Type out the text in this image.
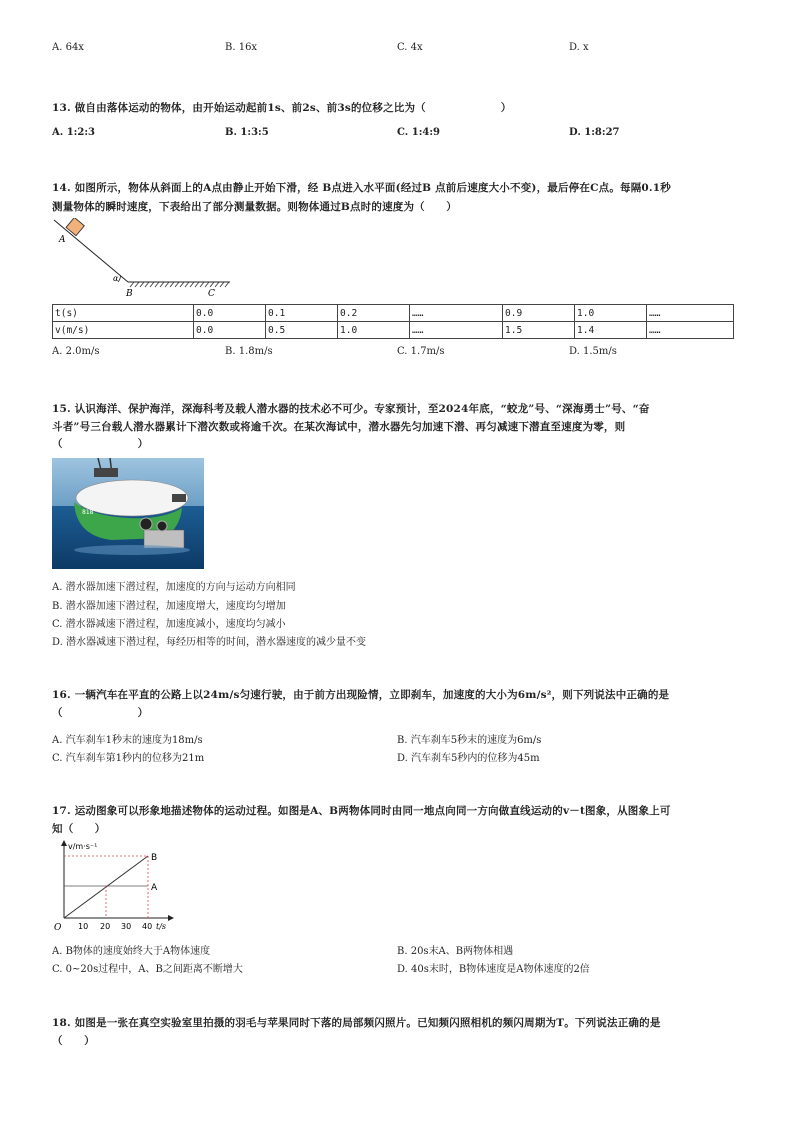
A. 64x	B. 16x	C. 4x	D. x
13. 做自由落体运动的物体，由开始运动起前1s、前2s、前3s的位移之比为（　　　　　　　）
A. 1:2:3	B. 1:3:5	C. 1:4:9	D. 1:8:27
14. 如图所示，物体从斜面上的A点由静止开始下滑，经 B点进入水平面(经过B 点前后速度大小不变)，最后停在C点。每隔0.1秒
测量物体的瞬时速度，下表给出了部分测量数据。则物体通过B点时的速度为（　　）
A
α
B	C
t(s)	0.0	0.1	0.2	……	0.9	1.0	……
v(m/s)	0.0	0.5	1.0	……	1.5	1.4	……
A. 2.0m/s	B. 1.8m/s	C. 1.7m/s	D. 1.5m/s
15. 认识海洋、保护海洋，深海科考及载人潜水器的技术必不可少。专家预计，至2024年底，“蛟龙”号、“深海勇士”号、“奋
斗者”号三台载人潜水器累计下潜次数或将逾千次。在某次海试中，潜水器先匀加速下潜、再匀减速下潜直至速度为零，则
（　　　　　　　）
818
A. 潜水器加速下潜过程，加速度的方向与运动方向相同
B. 潜水器加速下潜过程，加速度增大，速度均匀增加
C. 潜水器减速下潜过程，加速度减小，速度均匀减小
D. 潜水器减速下潜过程，每经历相等的时间，潜水器速度的减少量不变
16. 一辆汽车在平直的公路上以24m/s匀速行驶，由于前方出现险情，立即刹车，加速度的大小为6m/s²，则下列说法中正确的是
（　　　　　　　）
A. 汽车刹车1秒末的速度为18m/s	B. 汽车刹车5秒末的速度为6m/s
C. 汽车刹车第1秒内的位移为21m	D. 汽车刹车5秒内的位移为45m
17. 运动图象可以形象地描述物体的运动过程。如图是A、B两物体同时由同一地点向同一方向做直线运动的v－t图象，从图象上可
知（　　）
v/m·s⁻¹
t/s
O 10 20 30 40
B
A
A. B物体的速度始终大于A物体速度	B. 20s末A、B两物体相遇
C. 0~20s过程中，A、B之间距离不断增大	D. 40s末时，B物体速度是A物体速度的2倍
18. 如图是一张在真空实验室里拍摄的羽毛与苹果同时下落的局部频闪照片。已知频闪照相机的频闪周期为T。下列说法正确的是
（　　）
